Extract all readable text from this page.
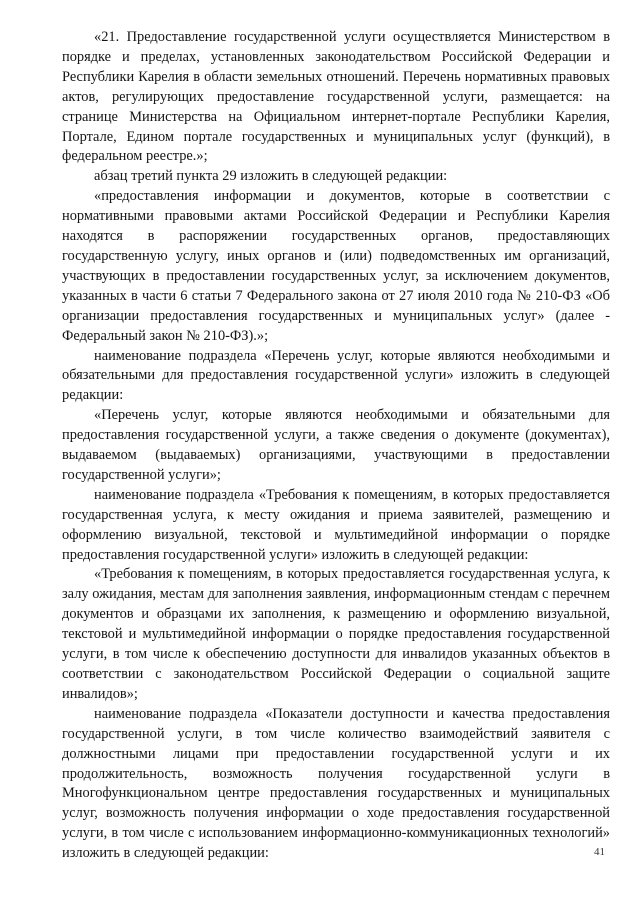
«21. Предоставление государственной услуги осуществляется Министерством в порядке и пределах, установленных законодательством Российской Федерации и Республики Карелия в области земельных отношений. Перечень нормативных правовых актов, регулирующих предоставление государственной услуги, размещается: на странице Министерства на Официальном интернет-портале Республики Карелия, Портале, Едином портале государственных и муниципальных услуг (функций), в федеральном реестре.»;

абзац третий пункта 29 изложить в следующей редакции:

«предоставления информации и документов, которые в соответствии с нормативными правовыми актами Российской Федерации и Республики Карелия находятся в распоряжении государственных органов, предоставляющих государственную услугу, иных органов и (или) подведомственных им организаций, участвующих в предоставлении государственных услуг, за исключением документов, указанных в части 6 статьи 7 Федерального закона от 27 июля 2010 года № 210-ФЗ «Об организации предоставления государственных и муниципальных услуг» (далее - Федеральный закон № 210-ФЗ).»;

наименование подраздела «Перечень услуг, которые являются необходимыми и обязательными для предоставления государственной услуги» изложить в следующей редакции:

«Перечень услуг, которые являются необходимыми и обязательными для предоставления государственной услуги, а также сведения о документе (документах), выдаваемом (выдаваемых) организациями, участвующими в предоставлении государственной услуги»;

наименование подраздела «Требования к помещениям, в которых предоставляется государственная услуга, к месту ожидания и приема заявителей, размещению и оформлению визуальной, текстовой и мультимедийной информации о порядке предоставления государственной услуги» изложить в следующей редакции:

«Требования к помещениям, в которых предоставляется государственная услуга, к залу ожидания, местам для заполнения заявления, информационным стендам с перечнем документов и образцами их заполнения, к размещению и оформлению визуальной, текстовой и мультимедийной информации о порядке предоставления государственной услуги, в том числе к обеспечению доступности для инвалидов указанных объектов в соответствии с законодательством Российской Федерации о социальной защите инвалидов»;

наименование подраздела «Показатели доступности и качества предоставления государственной услуги, в том числе количество взаимодействий заявителя с должностными лицами при предоставлении государственной услуги и их продолжительность, возможность получения государственной услуги в Многофункциональном центре предоставления государственных и муниципальных услуг, возможность получения информации о ходе предоставления государственной услуги, в том числе с использованием информационно-коммуникационных технологий» изложить в следующей редакции:	41
